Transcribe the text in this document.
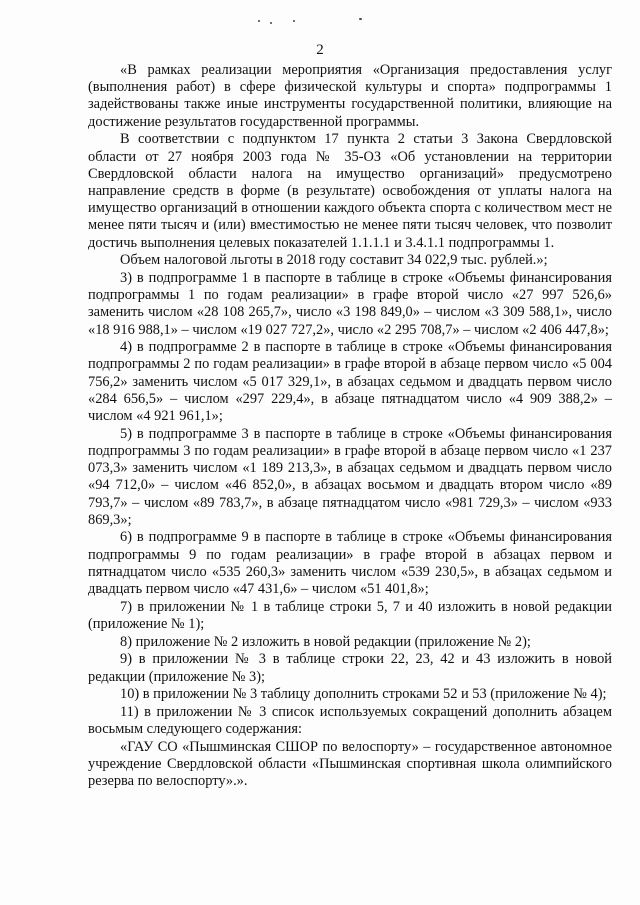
2

«В рамках реализации мероприятия «Организация предоставления услуг (выполнения работ) в сфере физической культуры и спорта» подпрограммы 1 задействованы также иные инструменты государственной политики, влияющие на достижение результатов государственной программы.

В соответствии с подпунктом 17 пункта 2 статьи 3 Закона Свердловской области от 27 ноября 2003 года № 35-ОЗ «Об установлении на территории Свердловской области налога на имущество организаций» предусмотрено направление средств в форме (в результате) освобождения от уплаты налога на имущество организаций в отношении каждого объекта спорта с количеством мест не менее пяти тысяч и (или) вместимостью не менее пяти тысяч человек, что позволит достичь выполнения целевых показателей 1.1.1.1 и 3.4.1.1 подпрограммы 1.

Объем налоговой льготы в 2018 году составит 34 022,9 тыс. рублей.»;

3) в подпрограмме 1 в паспорте в таблице в строке «Объемы финансирования подпрограммы 1 по годам реализации» в графе второй число «27 997 526,6» заменить числом «28 108 265,7», число «3 198 849,0» – числом «3 309 588,1», число «18 916 988,1» – числом «19 027 727,2», число «2 295 708,7» – числом «2 406 447,8»;

4) в подпрограмме 2 в паспорте в таблице в строке «Объемы финансирования подпрограммы 2 по годам реализации» в графе второй в абзаце первом число «5 004 756,2» заменить числом «5 017 329,1», в абзацах седьмом и двадцать первом число «284 656,5» – числом «297 229,4», в абзаце пятнадцатом число «4 909 388,2» – числом «4 921 961,1»;

5) в подпрограмме 3 в паспорте в таблице в строке «Объемы финансирования подпрограммы 3 по годам реализации» в графе второй в абзаце первом число «1 237 073,3» заменить числом «1 189 213,3», в абзацах седьмом и двадцать первом число «94 712,0» – числом «46 852,0», в абзацах восьмом и двадцать втором число «89 793,7» – числом «89 783,7», в абзаце пятнадцатом число «981 729,3» – числом «933 869,3»;

6) в подпрограмме 9 в паспорте в таблице в строке «Объемы финансирования подпрограммы 9 по годам реализации» в графе второй в абзацах первом и пятнадцатом число «535 260,3» заменить числом «539 230,5», в абзацах седьмом и двадцать первом число «47 431,6» – числом «51 401,8»;

7) в приложении № 1 в таблице строки 5, 7 и 40 изложить в новой редакции (приложение № 1);

8) приложение № 2 изложить в новой редакции (приложение № 2);

9) в приложении № 3 в таблице строки 22, 23, 42 и 43 изложить в новой редакции (приложение № 3);

10) в приложении № 3 таблицу дополнить строками 52 и 53 (приложение № 4);

11) в приложении № 3 список используемых сокращений дополнить абзацем восьмым следующего содержания:

«ГАУ СО «Пышминская СШОР по велоспорту» – государственное автономное учреждение Свердловской области «Пышминская спортивная школа олимпийского резерва по велоспорту».».
